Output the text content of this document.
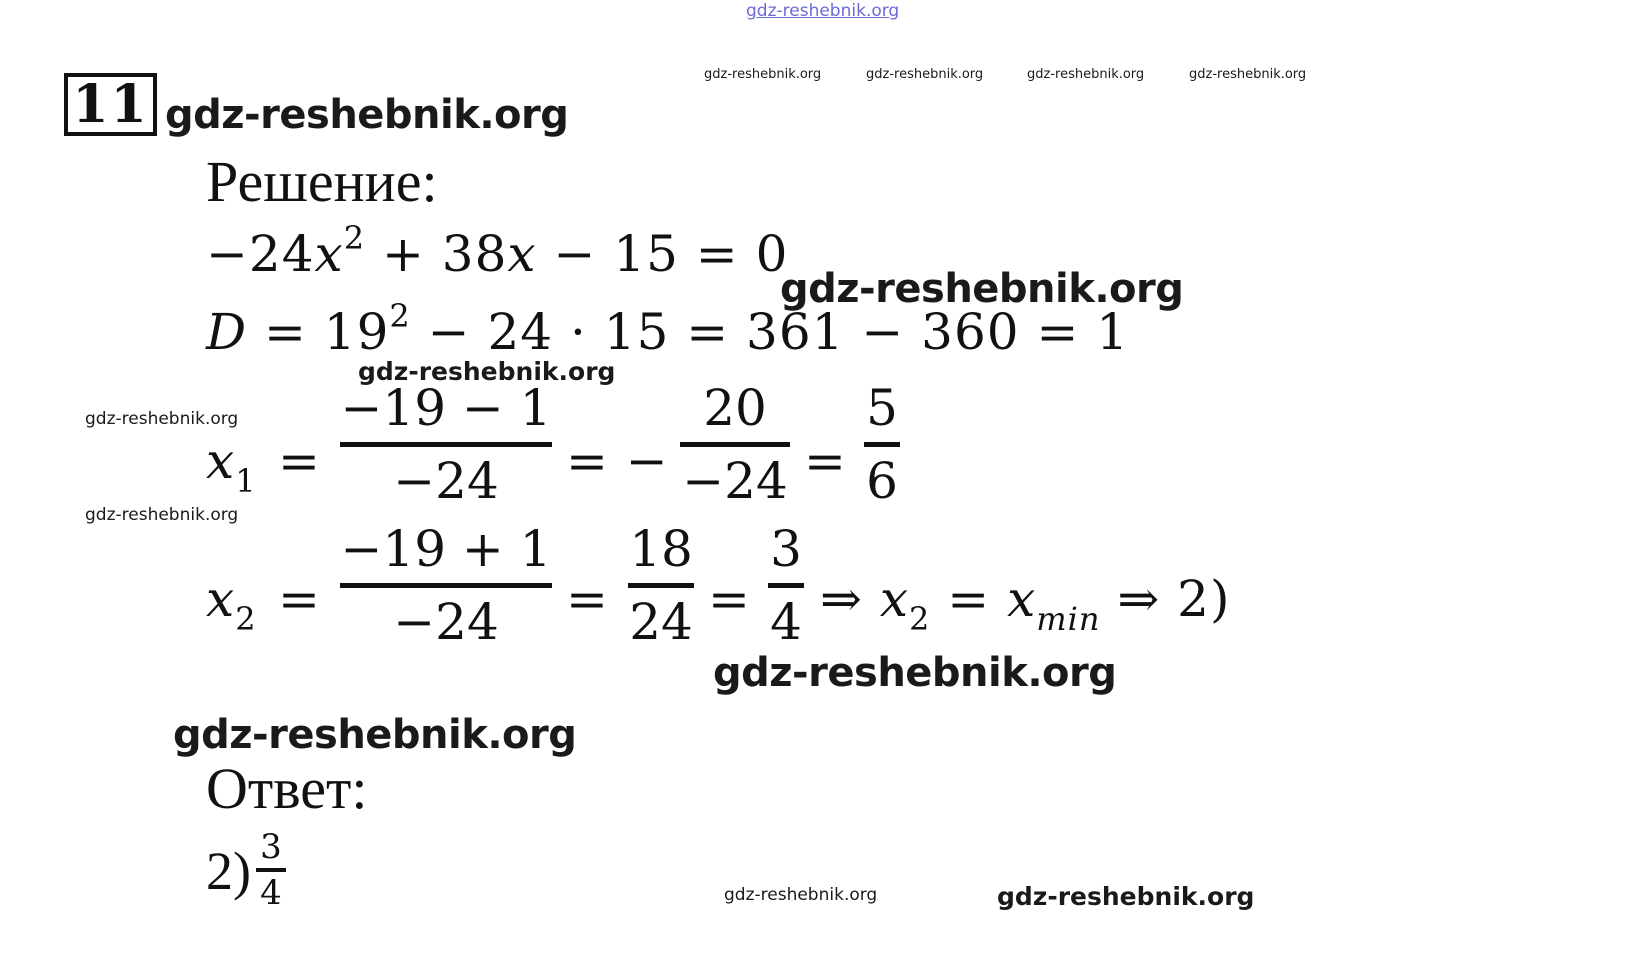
gdz-reshebnik.org
gdz-reshebnik.org	gdz-reshebnik.org	gdz-reshebnik.org	gdz-reshebnik.org
11 gdz-reshebnik.org
Решение:
$-24x^2 + 38x - 15 = 0$
gdz-reshebnik.org
$D = 19^2 - 24 \cdot 15 = 361 - 360 = 1$
gdz-reshebnik.org
gdz-reshebnik.org
gdz-reshebnik.org
$x_1$ =
−19 − 1
−24	= −
20
−24 =
5
6
$x_2$ =
−19 + 1
−24	=
18
24 =
3
4 ⇒ $x_2 = x_{min}$ ⇒ 2)
gdz-reshebnik.org
gdz-reshebnik.org
Ответ:
2) 3
4	gdz-reshebnik.org	gdz-reshebnik.org
